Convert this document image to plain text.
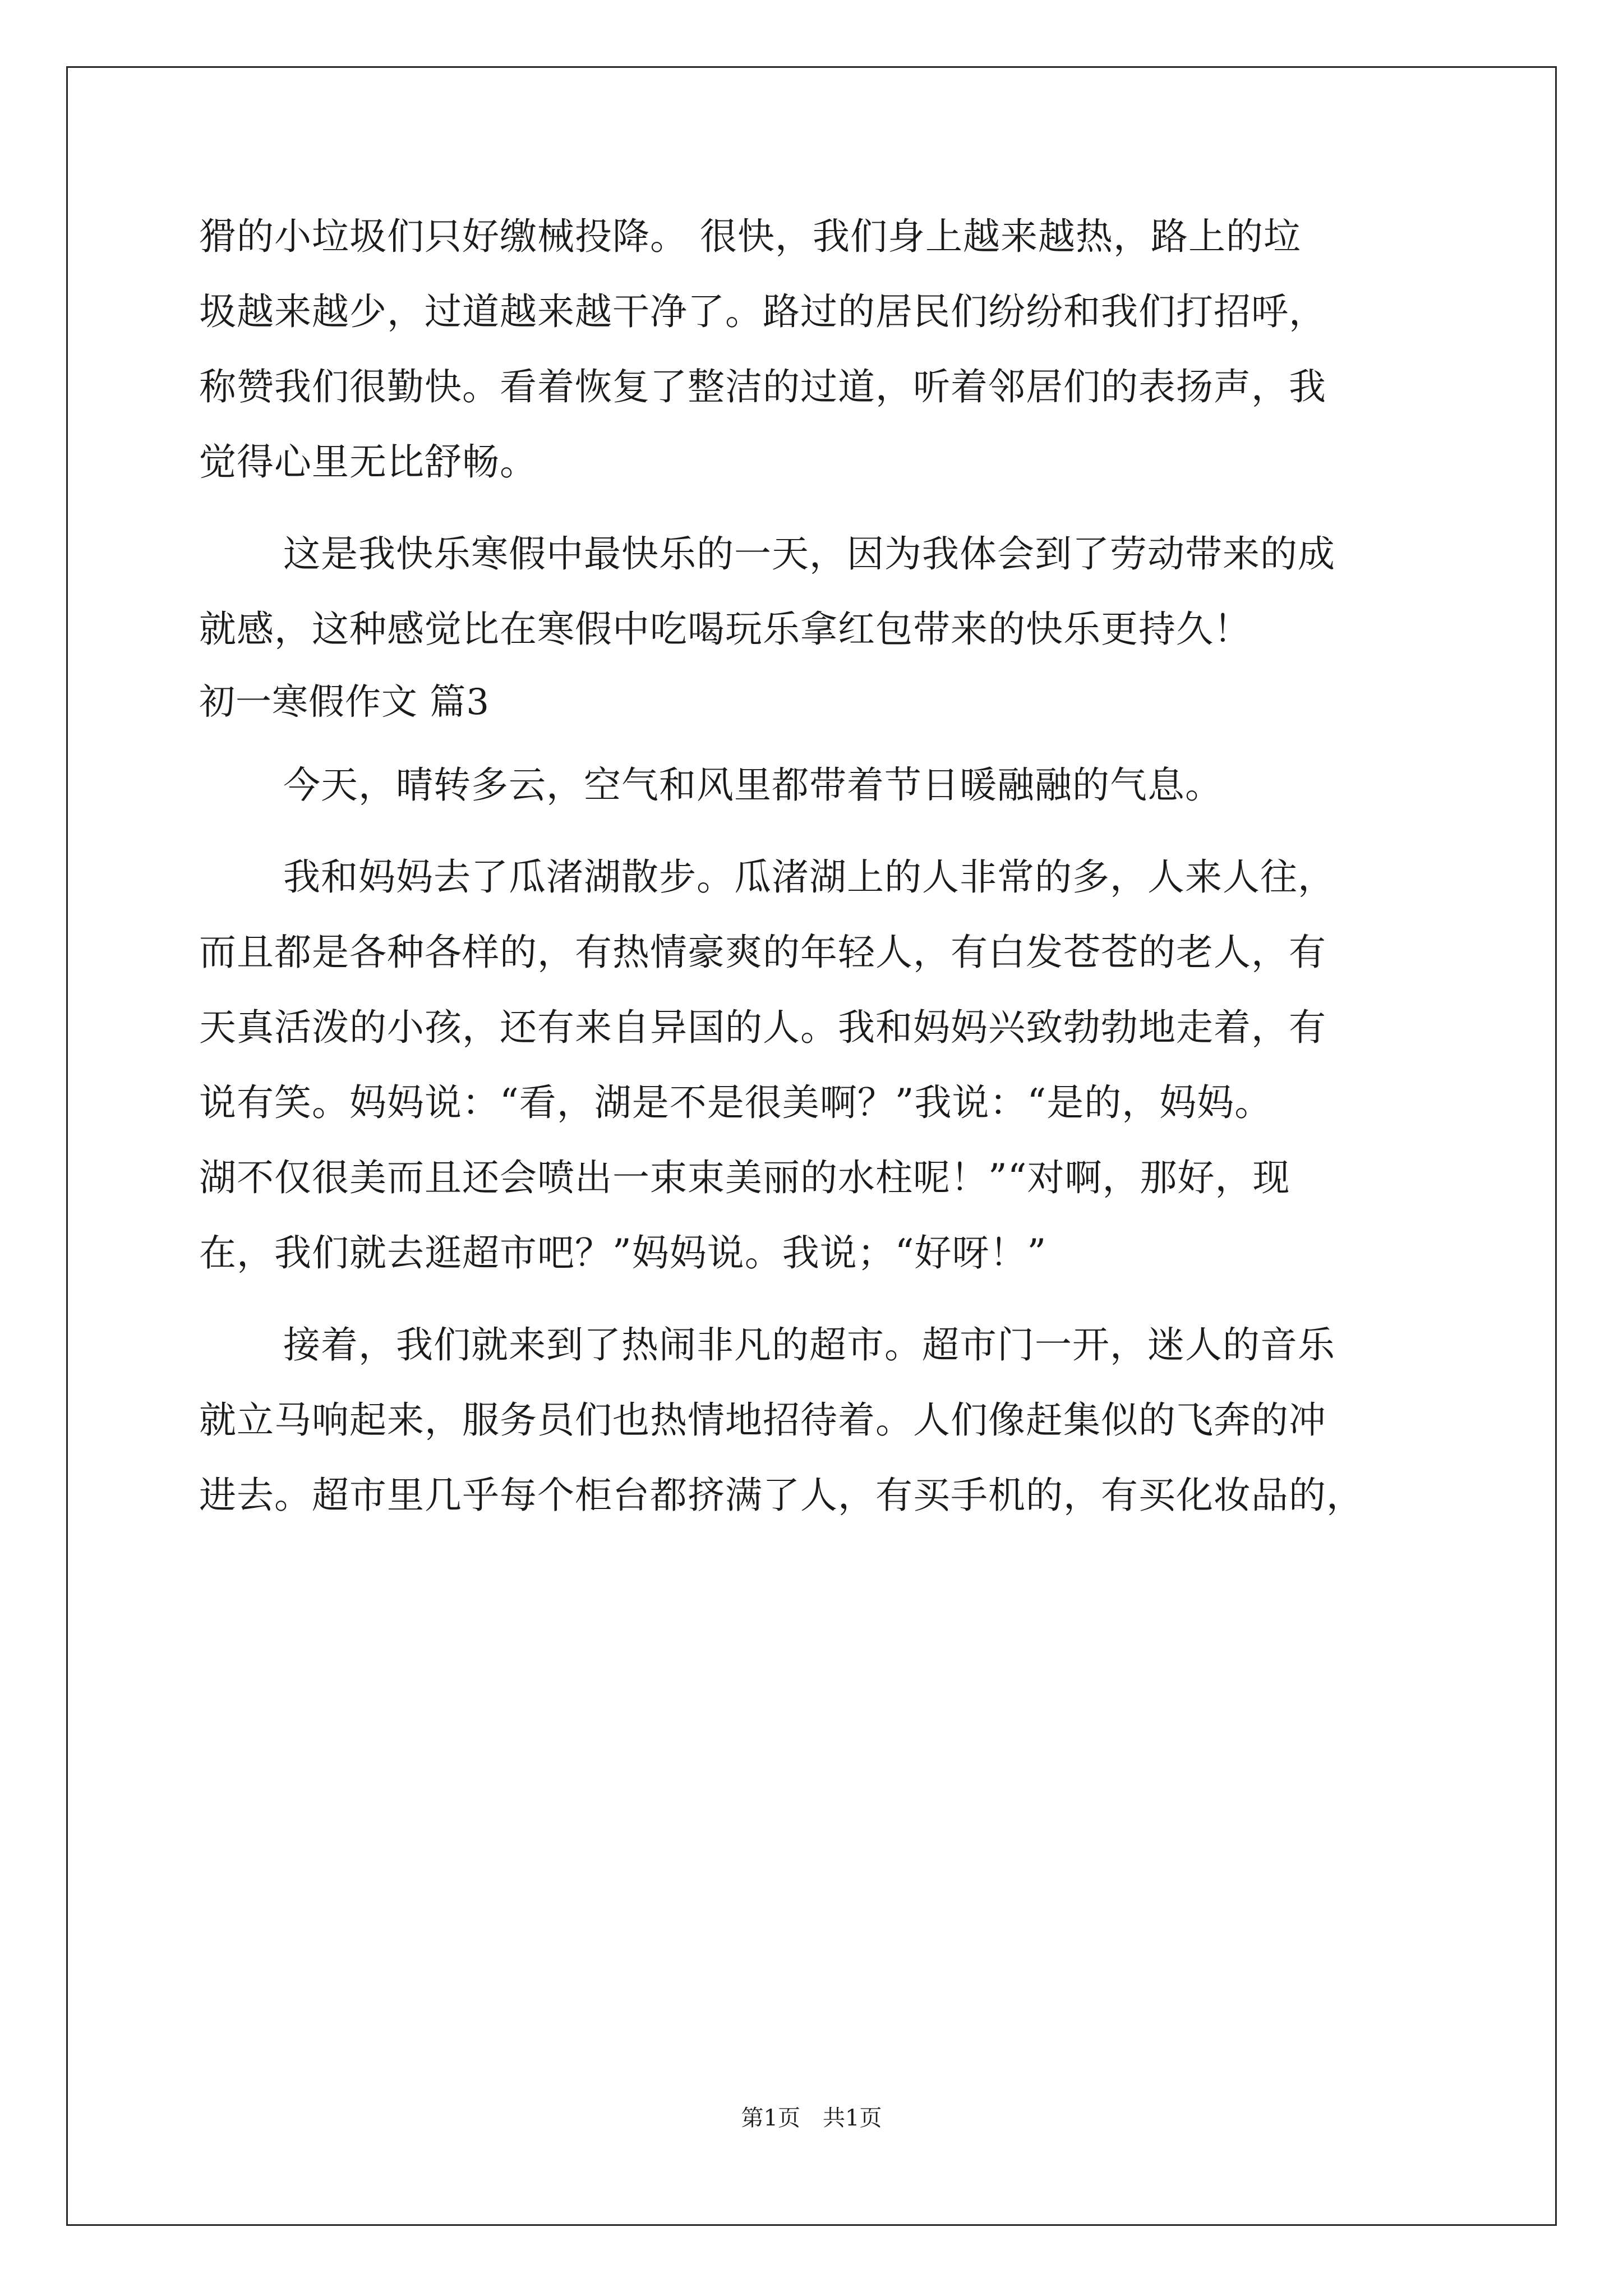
猾的小垃圾们只好缴械投降。 很快，我们身上越来越热，路上的垃
圾越来越少，过道越来越干净了。路过的居民们纷纷和我们打招呼，
称赞我们很勤快。看着恢复了整洁的过道，听着邻居们的表扬声，我
觉得心里无比舒畅。
这是我快乐寒假中最快乐的一天，因为我体会到了劳动带来的成
就感，这种感觉比在寒假中吃喝玩乐拿红包带来的快乐更持久！
初一寒假作文 篇3
今天，晴转多云，空气和风里都带着节日暖融融的气息。
我和妈妈去了瓜渚湖散步。瓜渚湖上的人非常的多，人来人往，
而且都是各种各样的，有热情豪爽的年轻人，有白发苍苍的老人，有
天真活泼的小孩，还有来自异国的人。我和妈妈兴致勃勃地走着，有
说有笑。妈妈说：“看，湖是不是很美啊？”我说：“是的，妈妈。
湖不仅很美而且还会喷出一束束美丽的水柱呢！”“对啊，那好，现
在，我们就去逛超市吧？”妈妈说。我说；“好呀！”
接着，我们就来到了热闹非凡的超市。超市门一开，迷人的音乐
就立马响起来，服务员们也热情地招待着。人们像赶集似的飞奔的冲
进去。超市里几乎每个柜台都挤满了人，有买手机的，有买化妆品的，
第1页　共1页
